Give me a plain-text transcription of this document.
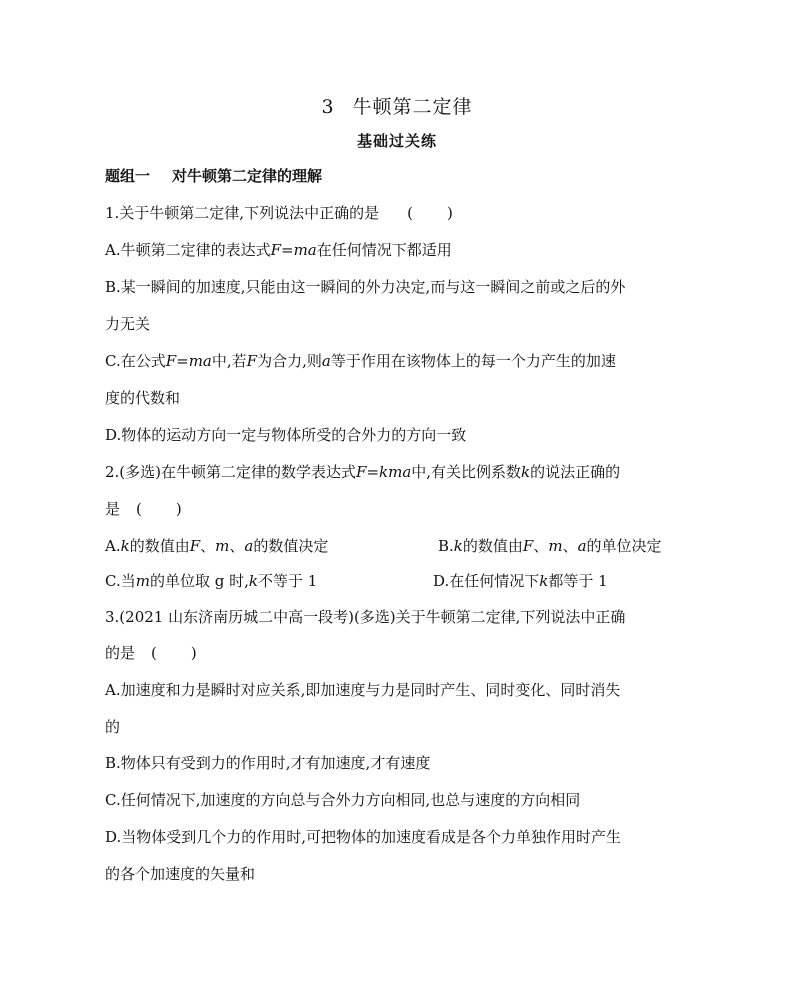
3 牛顿第二定律
基础过关练
题组一 对牛顿第二定律的理解
1.关于牛顿第二定律,下列说法中正确的是 ( )
A.牛顿第二定律的表达式F=ma在任何情况下都适用
B.某一瞬间的加速度,只能由这一瞬间的外力决定,而与这一瞬间之前或之后的外
力无关
C.在公式F=ma中,若F为合力,则a等于作用在该物体上的每一个力产生的加速
度的代数和
D.物体的运动方向一定与物体所受的合外力的方向一致
2.(多选)在牛顿第二定律的数学表达式F=kma中,有关比例系数k的说法正确的
是 ( )
A.k的数值由F、m、a的数值决定	B.k的数值由F、m、a的单位决定
C.当m的单位取 g 时,k不等于 1	D.在任何情况下k都等于 1
3.(2021 山东济南历城二中高一段考)(多选)关于牛顿第二定律,下列说法中正确
的是 ( )
A.加速度和力是瞬时对应关系,即加速度与力是同时产生、同时变化、同时消失
的
B.物体只有受到力的作用时,才有加速度,才有速度
C.任何情况下,加速度的方向总与合外力方向相同,也总与速度的方向相同
D.当物体受到几个力的作用时,可把物体的加速度看成是各个力单独作用时产生
的各个加速度的矢量和
